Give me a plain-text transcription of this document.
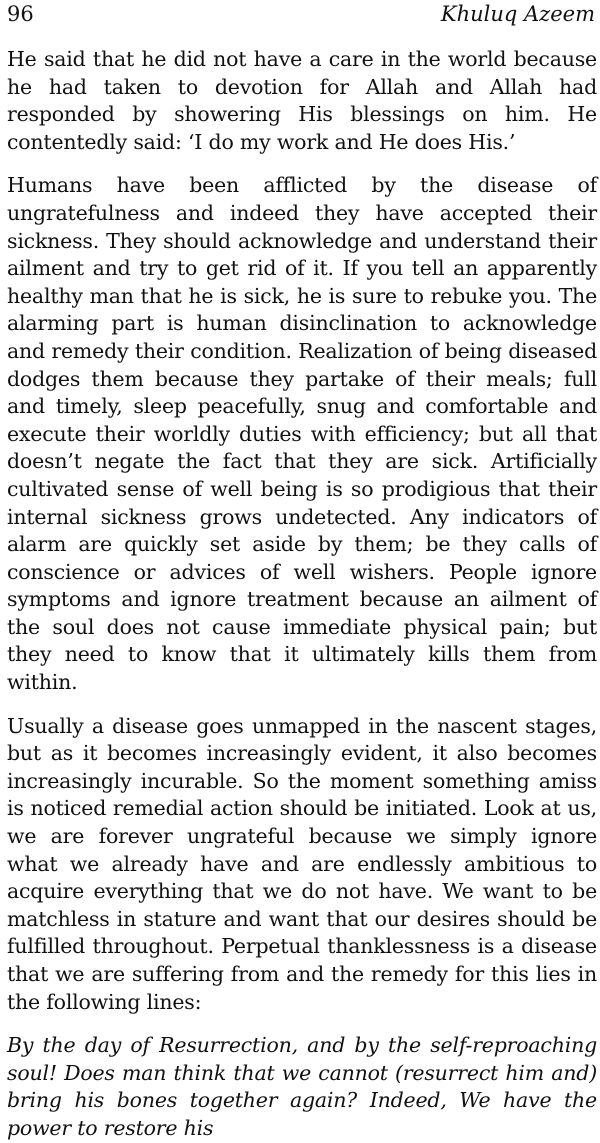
96	Khuluq Azeem

He said that he did not have a care in the world because he had taken to devotion for Allah and Allah had responded by showering His blessings on him. He contentedly said: ‘I do my work and He does His.’

Humans have been afflicted by the disease of ungratefulness and indeed they have accepted their sickness. They should acknowledge and understand their ailment and try to get rid of it. If you tell an apparently healthy man that he is sick, he is sure to rebuke you. The alarming part is human disinclination to acknowledge and remedy their condition. Realization of being diseased dodges them because they partake of their meals; full and timely, sleep peacefully, snug and comfortable and execute their worldly duties with efficiency; but all that doesn’t negate the fact that they are sick. Artificially cultivated sense of well being is so prodigious that their internal sickness grows undetected. Any indicators of alarm are quickly set aside by them; be they calls of conscience or advices of well wishers. People ignore symptoms and ignore treatment because an ailment of the soul does not cause immediate physical pain; but they need to know that it ultimately kills them from within.

Usually a disease goes unmapped in the nascent stages, but as it becomes increasingly evident, it also becomes increasingly incurable. So the moment something amiss is noticed remedial action should be initiated. Look at us, we are forever ungrateful because we simply ignore what we already have and are endlessly ambitious to acquire everything that we do not have. We want to be matchless in stature and want that our desires should be fulfilled throughout. Perpetual thanklessness is a disease that we are suffering from and the remedy for this lies in the following lines:

By the day of Resurrection, and by the self-reproaching soul! Does man think that we cannot (resurrect him and) bring his bones together again? Indeed, We have the power to restore his
